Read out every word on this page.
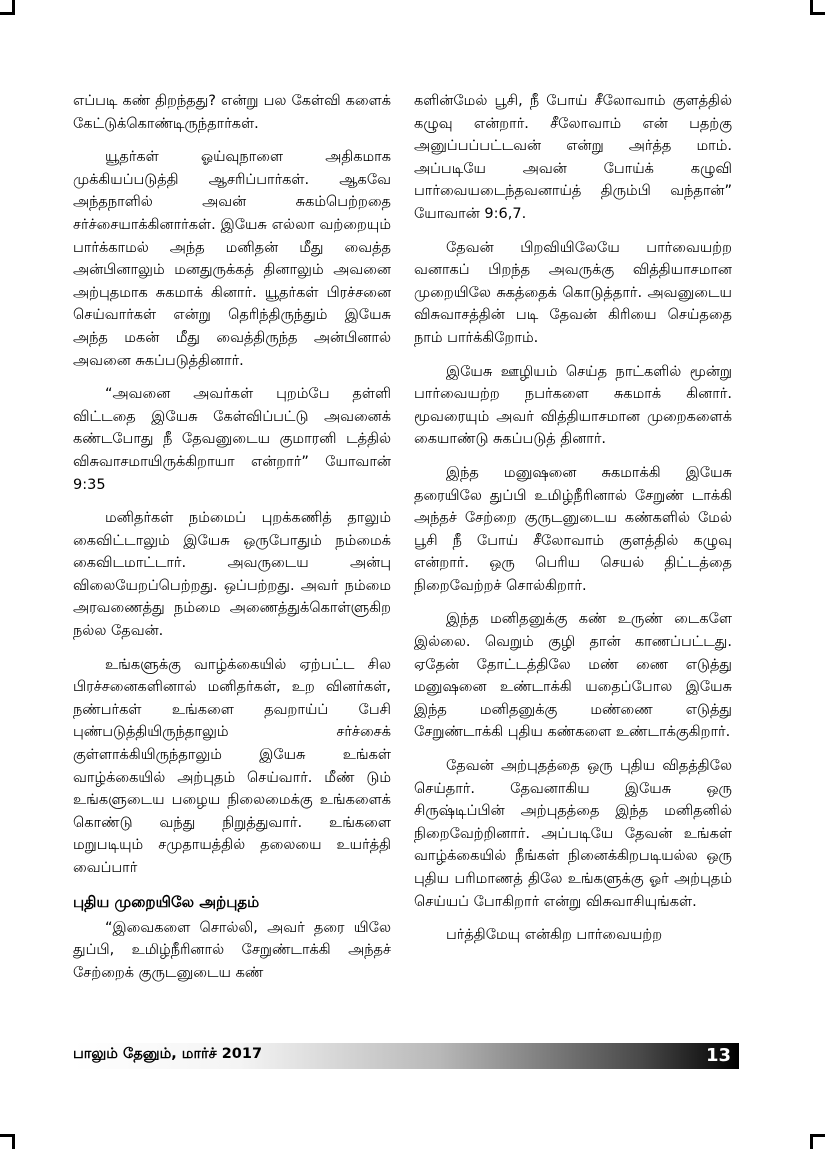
எப்படி கண் திறந்தது? என்று பல கேள்வி களைக் கேட்டுக்கொண்டிருந்தார்கள்.

யூதர்கள் ஓய்வுநாளை அதிகமாக முக்கியப்படுத்தி ஆசரிப்பார்கள். ஆகவே அந்தநாளில் அவன் சுகம்பெற்றதை சர்ச்சையாக்கினார்கள். இயேசு எல்லா வற்றையும் பார்க்காமல் அந்த மனிதன் மீது வைத்த அன்பினாலும் மனதுருக்கத் தினாலும் அவனை அற்புதமாக சுகமாக் கினார். யூதர்கள் பிரச்சனை செய்வார்கள் என்று தெரிந்திருந்தும் இயேசு அந்த மகன் மீது வைத்திருந்த அன்பினால் அவனை சுகப்படுத்தினார்.

“அவனை அவர்கள் புறம்பே தள்ளி விட்டதை இயேசு கேள்விப்பட்டு அவனைக் கண்டபோது நீ தேவனுடைய குமாரனி டத்தில் விசுவாசமாயிருக்கிறாயா என்றார்” யோவான் 9:35

மனிதர்கள் நம்மைப் புறக்கணித் தாலும் கைவிட்டாலும் இயேசு ஒருபோதும் நம்மைக் கைவிடமாட்டார். அவருடைய அன்பு விலையேறப்பெற்றது. ஒப்பற்றது. அவர் நம்மை அரவணைத்து நம்மை அணைத்துக்கொள்ளுகிற நல்ல தேவன்.

உங்களுக்கு வாழ்க்கையில் ஏற்பட்ட சில பிரச்சனைகளினால் மனிதர்கள், உற வினர்கள், நண்பர்கள் உங்களை தவறாய்ப் பேசி புண்படுத்தியிருந்தாலும் சர்ச்சைக் குள்ளாக்கியிருந்தாலும் இயேசு உங்கள் வாழ்க்கையில் அற்புதம் செய்வார். மீண் டும் உங்களுடைய பழைய நிலைமைக்கு உங்களைக் கொண்டு வந்து நிறுத்துவார். உங்களை மறுபடியும் சமுதாயத்தில் தலையை உயர்த்தி வைப்பார்

புதிய முறையிலே அற்புதம்

“இவைகளை சொல்லி, அவர் தரை யிலே துப்பி, உமிழ்நீரினால் சேறுண்டாக்கி அந்தச் சேற்றைக் குருடனுடைய கண்

களின்மேல் பூசி, நீ போய் சீலோவாம் குளத்தில் கழுவு என்றார். சீலோவாம் என் பதற்கு அனுப்பப்பட்டவன் என்று அர்த்த மாம். அப்படியே அவன் போய்க் கழுவி பார்வையடைந்தவனாய்த் திரும்பி வந்தான்” யோவான் 9:6,7.

தேவன் பிறவியிலேயே பார்வையற்ற வனாகப் பிறந்த அவருக்கு வித்தியாசமான முறையிலே சுகத்தைக் கொடுத்தார். அவனுடைய விசுவாசத்தின் படி தேவன் கிரியை செய்ததை நாம் பார்க்கிறோம்.

இயேசு ஊழியம் செய்த நாட்களில் மூன்று பார்வையற்ற நபர்களை சுகமாக் கினார். மூவரையும் அவர் வித்தியாசமான முறைகளைக் கையாண்டு சுகப்படுத் தினார்.

இந்த மனுஷனை சுகமாக்கி இயேசு தரையிலே துப்பி உமிழ்நீரினால் சேறுண் டாக்கி அந்தச் சேற்றை குருடனுடைய கண்களில் மேல் பூசி நீ போய் சீலோவாம் குளத்தில் கழுவு என்றார். ஒரு பெரிய செயல் திட்டத்தை நிறைவேற்றச் சொல்கிறார்.

இந்த மனிதனுக்கு கண் உருண் டைகளே இல்லை. வெறும் குழி தான் காணப்பட்டது. ஏதேன் தோட்டத்திலே மண் ணை எடுத்து மனுஷனை உண்டாக்கி யதைப்போல இயேசு இந்த மனிதனுக்கு மண்ணை எடுத்து சேறுண்டாக்கி புதிய கண்களை உண்டாக்குகிறார்.

தேவன் அற்புதத்தை ஒரு புதிய விதத்திலே செய்தார். தேவனாகிய இயேசு ஒரு சிருஷ்டிப்பின் அற்புதத்தை இந்த மனிதனில் நிறைவேற்றினார். அப்படியே தேவன் உங்கள் வாழ்க்கையில் நீங்கள் நினைக்கிறபடியல்ல ஒரு புதிய பரிமாணத் திலே உங்களுக்கு ஓர் அற்புதம் செய்யப் போகிறார் என்று விசுவாசியுங்கள்.

பர்த்திமேயு என்கிற பார்வையற்ற

பாலும் தேனும், மார்ச் 2017	13
